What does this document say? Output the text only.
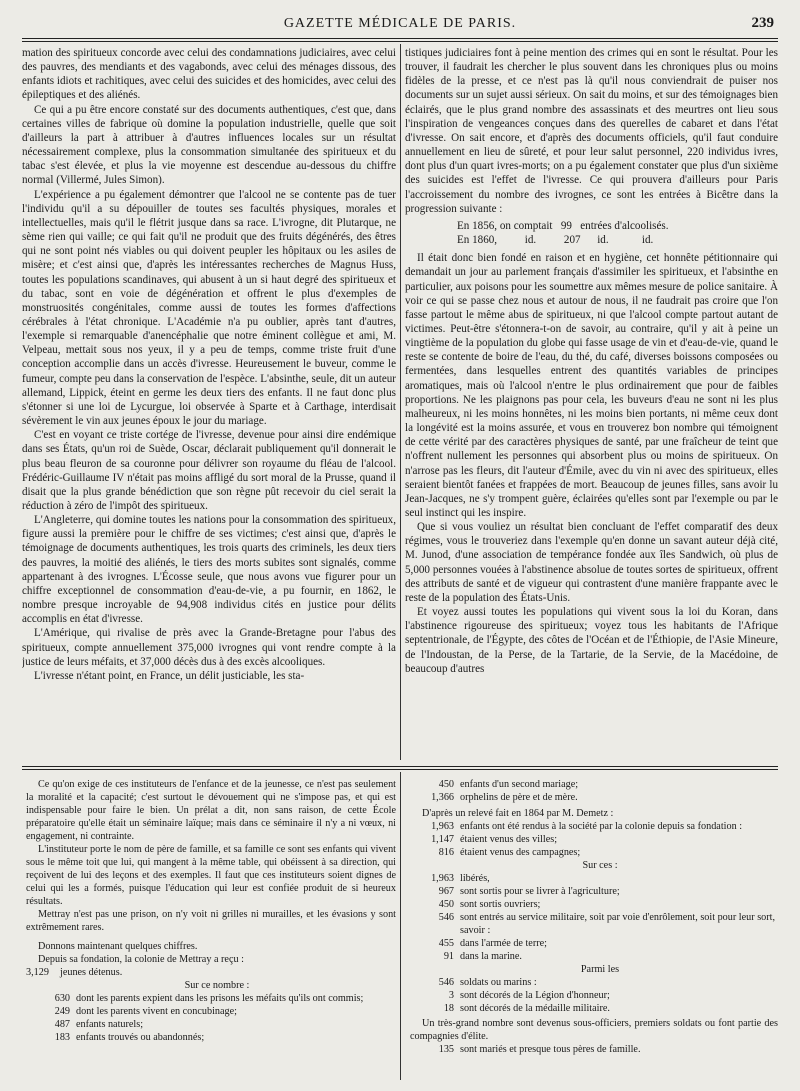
GAZETTE MÉDICALE DE PARIS.	239

mation des spiritueux concorde avec celui des condamnations judiciaires, avec celui des pauvres, des mendiants et des vagabonds, avec celui des ménages dissous, des enfants idiots et rachitiques, avec celui des suicides et des homicides, avec celui des épileptiques et des aliénés.

Ce qui a pu être encore constaté sur des documents authentiques, c'est que, dans certaines villes de fabrique où domine la population industrielle, quelle que soit d'ailleurs la part à attribuer à d'autres influences locales sur un résultat nécessairement complexe, plus la consommation simultanée des spiritueux et du tabac s'est élevée, et plus la vie moyenne est descendue au-dessous du chiffre normal (Villermé, Jules Simon).

L'expérience a pu également démontrer que l'alcool ne se contente pas de tuer l'individu qu'il a su dépouiller de toutes ses facultés physiques, morales et intellectuelles, mais qu'il le flétrit jusque dans sa race. L'ivrogne, dit Plutarque, ne sème rien qui vaille; ce qui fait qu'il ne produit que des fruits dégénérés, des êtres qui ne sont point nés viables ou qui doivent peupler les hôpitaux ou les asiles de misère; et c'est ainsi que, d'après les intéressantes recherches de Magnus Huss, toutes les populations scandinaves, qui abusent à un si haut degré des spiritueux et du tabac, sont en voie de dégénération et offrent le plus d'exemples de monstruosités congénitales, comme aussi de toutes les formes d'affections cérébrales à l'état chronique. L'Académie n'a pu oublier, après tant d'autres, l'exemple si remarquable d'anencéphalie que notre éminent collègue et ami, M. Velpeau, mettait sous nos yeux, il y a peu de temps, comme triste fruit d'une conception accomplie dans un accès d'ivresse. Heureusement le buveur, comme le fumeur, compte peu dans la conservation de l'espèce. L'absinthe, seule, dit un auteur allemand, Lippick, éteint en germe les deux tiers des enfants. Il ne faut donc plus s'étonner si une loi de Lycurgue, loi observée à Sparte et à Carthage, interdisait sévèrement le vin aux jeunes époux le jour du mariage.

C'est en voyant ce triste cortége de l'ivresse, devenue pour ainsi dire endémique dans ses États, qu'un roi de Suède, Oscar, déclarait publiquement qu'il donnerait le plus beau fleuron de sa couronne pour délivrer son royaume du fléau de l'alcool. Frédéric-Guillaume IV n'était pas moins affligé du sort moral de la Prusse, quand il disait que la plus grande bénédiction que son règne pût recevoir du ciel serait la réduction à zéro de l'impôt des spiritueux.

L'Angleterre, qui domine toutes les nations pour la consommation des spiritueux, figure aussi la première pour le chiffre de ses victimes; c'est ainsi que, d'après le témoignage de documents authentiques, les trois quarts des criminels, les deux tiers des pauvres, la moitié des aliénés, le tiers des morts subites sont signalés, comme appartenant à des ivrognes. L'Écosse seule, que nous avons vue figurer pour un chiffre exceptionnel de consommation d'eau-de-vie, a pu fournir, en 1862, le nombre presque incroyable de 94,908 individus cités en justice pour délits accomplis en état d'ivresse.

L'Amérique, qui rivalise de près avec la Grande-Bretagne pour l'abus des spiritueux, compte annuellement 375,000 ivrognes qui vont rendre compte à la justice de leurs méfaits, et 37,000 décès dus à des excès alcooliques.

L'ivresse n'étant point, en France, un délit justiciable, les sta-

tistiques judiciaires font à peine mention des crimes qui en sont le résultat. Pour les trouver, il faudrait les chercher le plus souvent dans les chroniques plus ou moins fidèles de la presse, et ce n'est pas là qu'il nous conviendrait de puiser nos documents sur un sujet aussi sérieux. On sait du moins, et sur des témoignages bien éclairés, que le plus grand nombre des assassinats et des meurtres ont lieu sous l'inspiration de vengeances conçues dans des querelles de cabaret et dans l'état d'ivresse. On sait encore, et d'après des documents officiels, qu'il faut conduire annuellement en lieu de sûreté, et pour leur salut personnel, 220 individus ivres, dont plus d'un quart ivres-morts; on a pu également constater que plus d'un sixième des suicides est l'effet de l'ivresse. Ce qui prouvera d'ailleurs pour Paris l'accroissement du nombre des ivrognes, ce sont les entrées à Bicêtre dans la progression suivante :

En 1856, on comptait   99   entrées d'alcoolisés.

En 1860,          id.          207      id.            id.

Il était donc bien fondé en raison et en hygiène, cet honnête pétitionnaire qui demandait un jour au parlement français d'assimiler les spiritueux, et l'absinthe en particulier, aux poisons pour les soumettre aux mêmes mesure de police sanitaire. À voir ce qui se passe chez nous et autour de nous, il ne faudrait pas croire que l'on fasse partout le même abus de spiritueux, ni que l'alcool compte partout autant de victimes. Peut-être s'étonnera-t-on de savoir, au contraire, qu'il y ait à peine un vingtième de la population du globe qui fasse usage de vin et d'eau-de-vie, quand le reste se contente de boire de l'eau, du thé, du café, diverses boissons composées ou fermentées, dans lesquelles entrent des quantités variables de principes aromatiques, mais où l'alcool n'entre le plus ordinairement que pour de faibles proportions. Ne les plaignons pas pour cela, les buveurs d'eau ne sont ni les plus malheureux, ni les moins honnêtes, ni les moins bien portants, ni même ceux dont la longévité est la moins assurée, et vous en trouverez bon nombre qui témoignent de cette vérité par des caractères physiques de santé, par une fraîcheur de teint que n'offrent nullement les personnes qui absorbent plus ou moins de spiritueux. On n'arrose pas les fleurs, dit l'auteur d'Émile, avec du vin ni avec des spiritueux, elles seraient bientôt fanées et frappées de mort. Beaucoup de jeunes filles, sans avoir lu Jean-Jacques, ne s'y trompent guère, éclairées qu'elles sont par l'exemple ou par le seul instinct qui les inspire.

Que si vous vouliez un résultat bien concluant de l'effet comparatif des deux régimes, vous le trouveriez dans l'exemple qu'en donne un savant auteur déjà cité, M. Junod, d'une association de tempérance fondée aux îles Sandwich, où plus de 5,000 personnes vouées à l'abstinence absolue de toutes sortes de spiritueux, offrent des attributs de santé et de vigueur qui contrastent d'une manière frappante avec le reste de la population des États-Unis.

Et voyez aussi toutes les populations qui vivent sous la loi du Koran, dans l'abstinence rigoureuse des spiritueux; voyez tous les habitants de l'Afrique septentrionale, de l'Égypte, des côtes de l'Océan et de l'Éthiopie, de l'Asie Mineure, de l'Indoustan, de la Perse, de la Tartarie, de la Servie, de la Macédoine, de beaucoup d'autres

Ce qu'on exige de ces instituteurs de l'enfance et de la jeunesse, ce n'est pas seulement la moralité et la capacité; c'est surtout le dévouement qui ne s'impose pas, et qui est indispensable pour faire le bien. Un prélat a dit, non sans raison, de cette École préparatoire qu'elle était un séminaire laïque; mais dans ce séminaire il n'y a ni vœux, ni engagement, ni contrainte.

L'instituteur porte le nom de père de famille, et sa famille ce sont ses enfants qui vivent sous le même toit que lui, qui mangent à la même table, qui obéissent à sa direction, qui reçoivent de lui des leçons et des exemples. Il faut que ces instituteurs soient dignes de celui qui les a formés, puisque l'éducation qui leur est confiée produit de si heureux résultats.

Mettray n'est pas une prison, on n'y voit ni grilles ni murailles, et les évasions y sont extrêmement rares.

Donnons maintenant quelques chiffres.

Depuis sa fondation, la colonie de Mettray a reçu :

3,129	jeunes détenus.

Sur ce nombre :

630 dont les parents expient dans les prisons les méfaits qu'ils ont commis;
249 dont les parents vivent en concubinage;
487 enfants naturels;
183 enfants trouvés ou abandonnés;
450 enfants d'un second mariage;
1,366 orphelins de père et de mère.

D'après un relevé fait en 1864 par M. Demetz :

1,963 enfants ont été rendus à la société par la colonie depuis sa fondation :
1,147 étaient venus des villes;
816 étaient venus des campagnes;

Sur ces :

1,963 libérés,
967 sont sortis pour se livrer à l'agriculture;
450 sont sortis ouvriers;
546 sont entrés au service militaire, soit par voie d'enrôlement, soit pour leur sort, savoir :
455 dans l'armée de terre;
91 dans la marine.

Parmi les

546 soldats ou marins :
3 sont décorés de la Légion d'honneur;
18 sont décorés de la médaille militaire.

Un très-grand nombre sont devenus sous-officiers, premiers soldats ou font partie des compagnies d'élite.

135 sont mariés et presque tous pères de famille.
